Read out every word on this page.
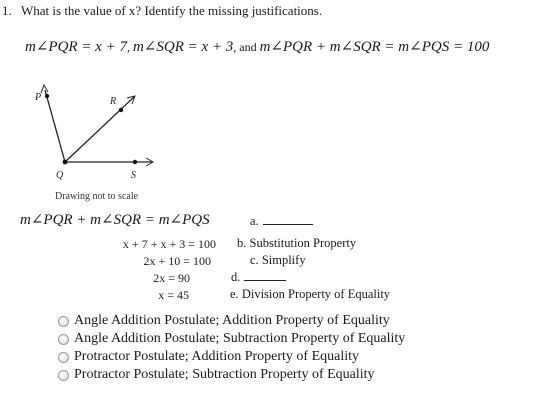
1. What is the value of x? Identify the missing justifications.
m∠PQR = x + 7, m∠SQR = x + 3, and m∠PQR + m∠SQR = m∠PQS = 100
P	R
Q	S
Drawing not to scale
m∠PQR + m∠SQR = m∠PQS
x + 7 + x + 3 = 100
2x + 10 = 100
2x = 90
x = 45
a.
b. Substitution Property
c. Simplify
d.
e. Division Property of Equality
Angle Addition Postulate; Addition Property of Equality
Angle Addition Postulate; Subtraction Property of Equality
Protractor Postulate; Addition Property of Equality
Protractor Postulate; Subtraction Property of Equality
